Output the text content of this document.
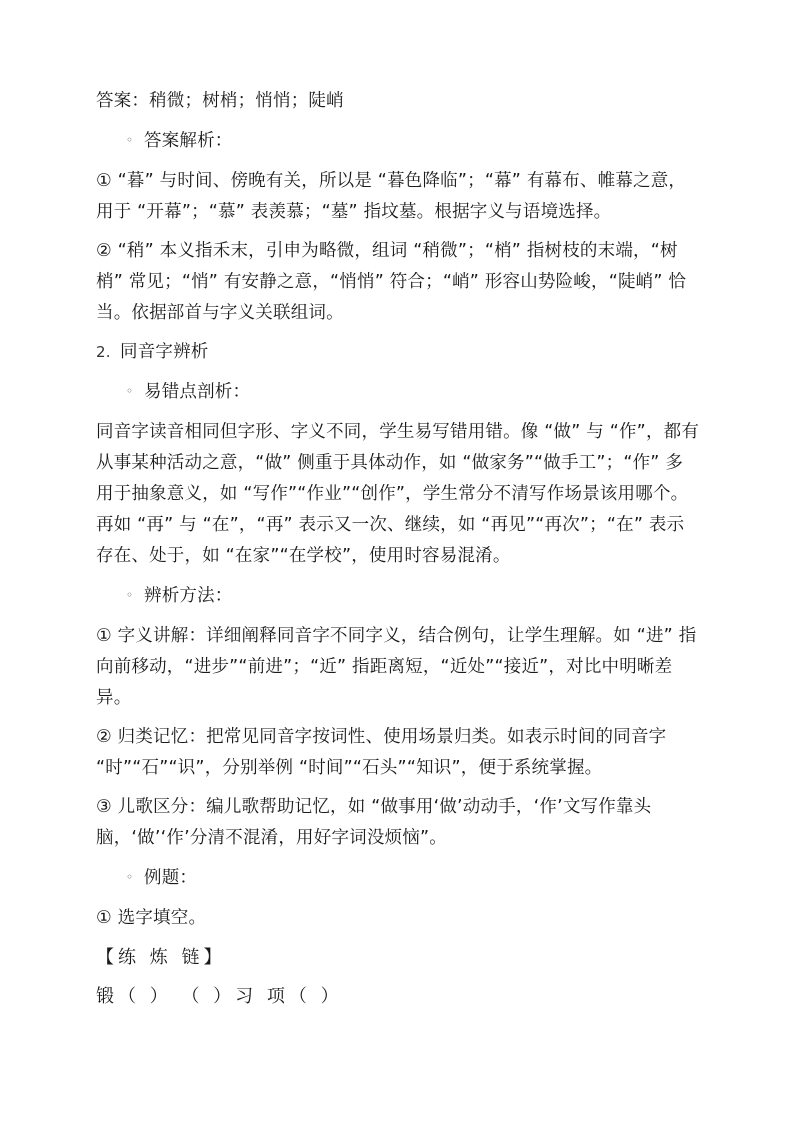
答案：稍微；树梢；悄悄；陡峭

◦ 答案解析：

① “暮” 与时间、傍晚有关，所以是 “暮色降临”；“幕” 有幕布、帷幕之意，用于 “开幕”；“慕” 表羡慕；“墓” 指坟墓。根据字义与语境选择。

② “稍” 本义指禾末，引申为略微，组词 “稍微”；“梢” 指树枝的末端，“树梢” 常见；“悄” 有安静之意，“悄悄” 符合；“峭” 形容山势险峻，“陡峭” 恰当。依据部首与字义关联组词。

2. 同音字辨析

◦ 易错点剖析：

同音字读音相同但字形、字义不同，学生易写错用错。像 “做” 与 “作”，都有从事某种活动之意，“做” 侧重于具体动作，如 “做家务”“做手工”；“作” 多用于抽象意义，如 “写作”“作业”“创作”，学生常分不清写作场景该用哪个。再如 “再” 与 “在”，“再” 表示又一次、继续，如 “再见”“再次”；“在” 表示存在、处于，如 “在家”“在学校”，使用时容易混淆。

◦ 辨析方法：

① 字义讲解：详细阐释同音字不同字义，结合例句，让学生理解。如 “进” 指向前移动，“进步”“前进”；“近” 指距离短，“近处”“接近”，对比中明晰差异。

② 归类记忆：把常见同音字按词性、使用场景归类。如表示时间的同音字 “时”“石”“识”，分别举例 “时间”“石头”“知识”，便于系统掌握。

③ 儿歌区分：编儿歌帮助记忆，如 “做事用‘做’动动手，‘作’文写作靠头脑，‘做’‘作’分清不混淆，用好字词没烦恼”。

◦ 例题：

① 选字填空。

【练 炼 链】

锻（ ） （ ）习 项（ ）
